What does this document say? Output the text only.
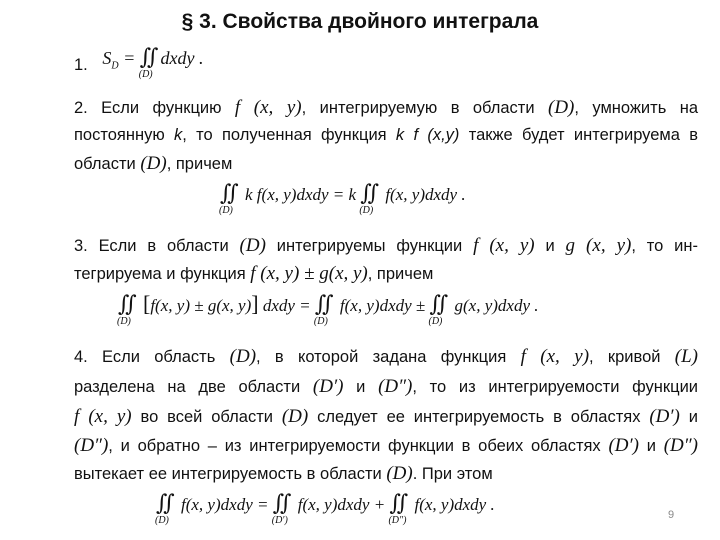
§ 3. Свойства двойного интеграла
1. $S_D$ = ∬
(D)
dxdy .
2. Если функцию f (x, y), интегрируемую в области (D), умножить на
постоянную k, то полученная функция k f (x,y) также будет интегрируема в
области (D), причем
∬
(D)
k f(x, y)dxdy = k ∬
(D)
f(x, y)dxdy .
3. Если в области (D) интегрируемы функции f (x, y) и g (x, y), то ин-
тегрируема и функция f (x, y) ± g(x, y), причем
∬
(D)
[f(x, y) ± g(x, y)] dxdy = ∬
(D)
f(x, y)dxdy ± ∬
(D)
g(x, y)dxdy .
4. Если область (D), в которой задана функция f (x, y), кривой (L)
разделена на две области (D′) и (D″), то из интегрируемости функции
f (x, y) во всей области (D) следует ее интегрируемость в областях (D′) и
(D″), и обратно – из интегрируемости функции в обеих областях (D′) и (D″)
вытекает ее интегрируемость в области (D). При этом
∬
(D)
f(x, y)dxdy = ∬
(D′)
f(x, y)dxdy + ∬
(D″)
f(x, y)dxdy .
9
